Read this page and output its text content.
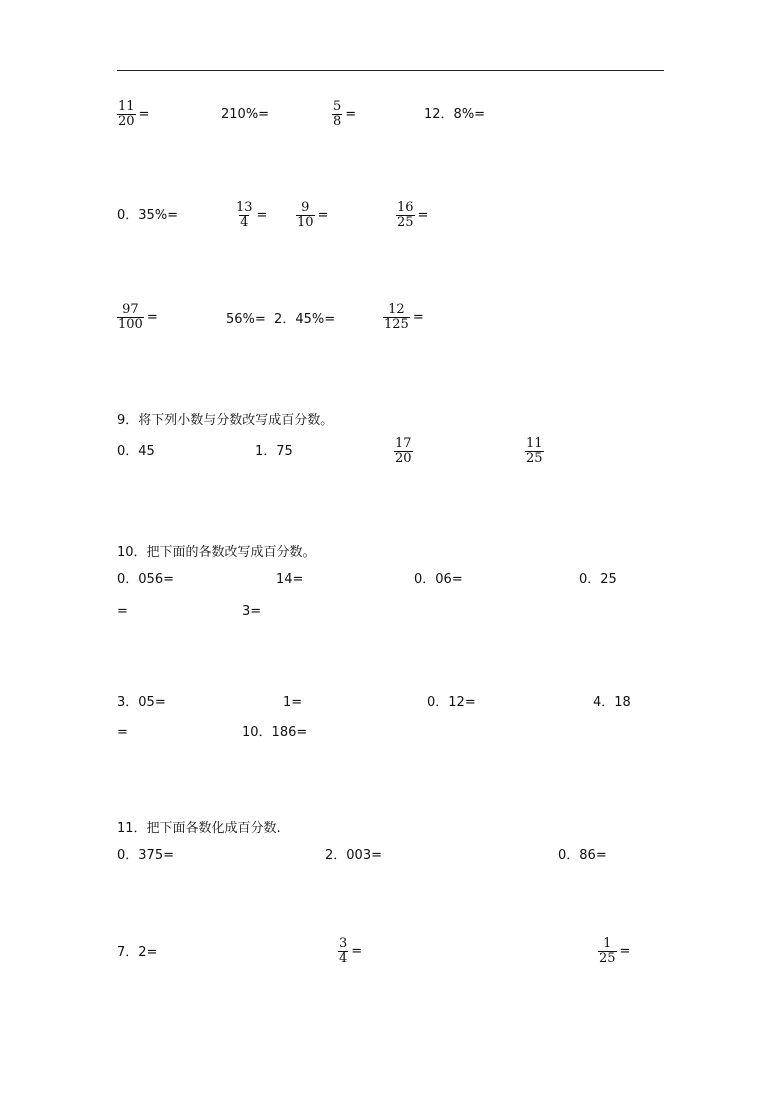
$\frac{11}{20}$ =	210%=	$\frac{5}{8}$ =	12．8%=
0．35%=	$\frac{13}{4} = \frac{9}{10}$ =	$\frac{16}{25}$ =
$\frac{97}{100}$ =	56%=  2．45%=	$\frac{12}{125}$ =
9．将下列小数与分数改写成百分数。
0．45	1．75	$\frac{17}{20}$	$\frac{11}{25}$
10．把下面的各数改写成百分数。
0．056=	14=	0．06=	0．25
=	3=
3．05=	1=	0．12=	4．18
=	10．186=
11．把下面各数化成百分数.
0．375=	2．003=	0．86=
7．2=	$\frac{3}{4}$ =	$\frac{1}{25}$ =
